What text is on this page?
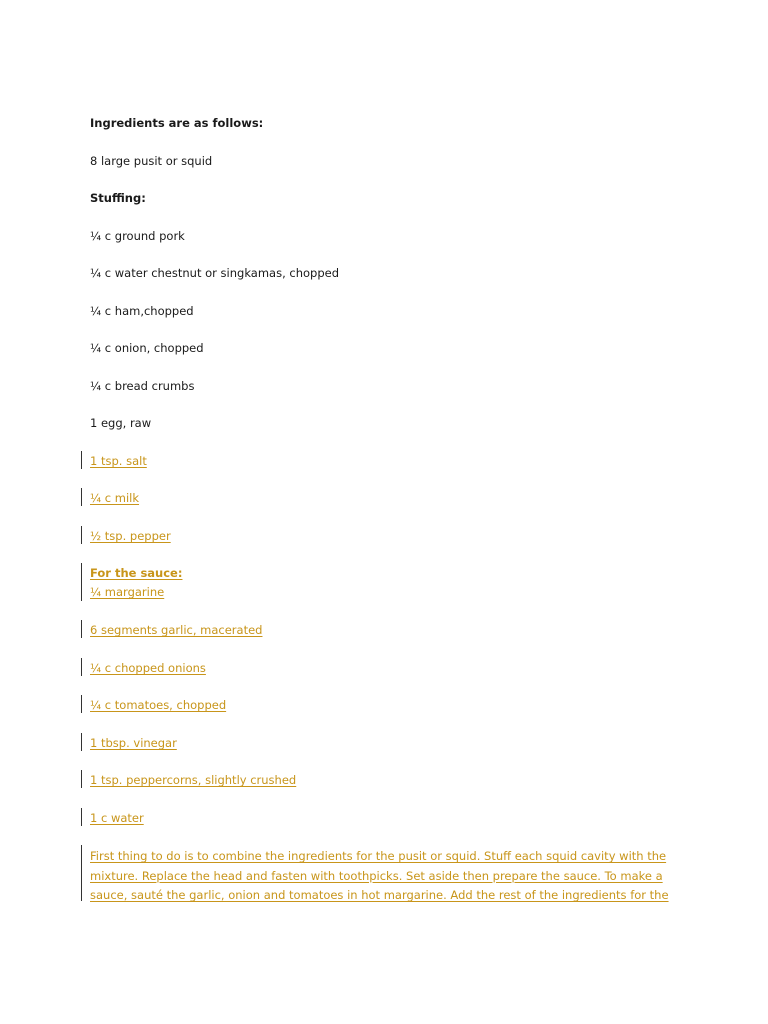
Ingredients are as follows:
8 large pusit or squid
Stuffing:
¼ c ground pork
¼ c water chestnut or singkamas, chopped
¼ c ham,chopped
¼ c onion, chopped
¼ c bread crumbs
1 egg, raw
1 tsp. salt
¼ c milk
½ tsp. pepper
For the sauce:
¼ margarine
6 segments garlic, macerated
¼ c chopped onions
¼ c tomatoes, chopped
1 tbsp. vinegar
1 tsp. peppercorns, slightly crushed
1 c water
First thing to do is to combine the ingredients for the pusit or squid. Stuff each squid cavity with the
mixture. Replace the head and fasten with toothpicks. Set aside then prepare the sauce. To make a
sauce, sauté the garlic, onion and tomatoes in hot margarine. Add the rest of the ingredients for the
